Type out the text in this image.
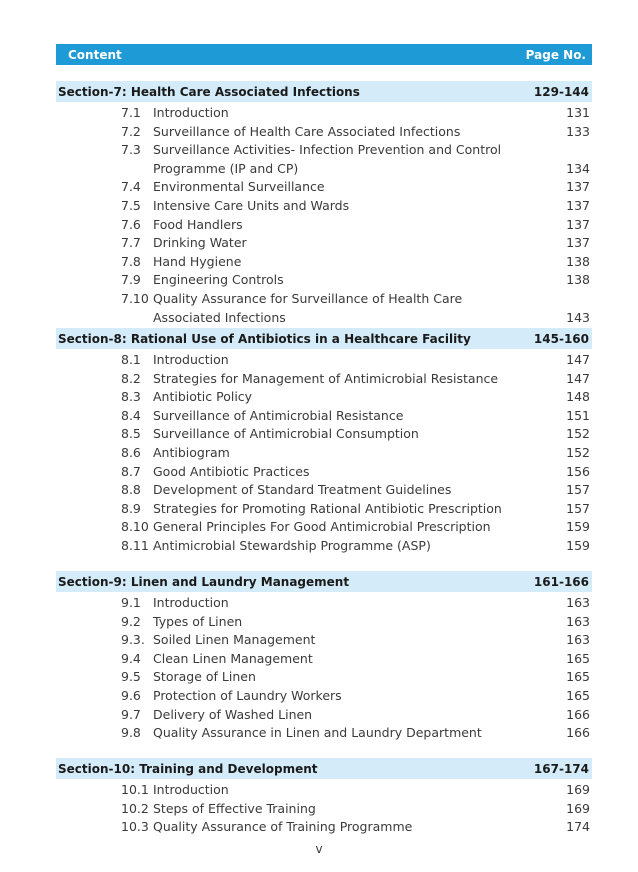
Content	Page No.
Section-7: Health Care Associated Infections	129-144
7.1 Introduction	131
7.2 Surveillance of Health Care Associated Infections	133
7.3 Surveillance Activities- Infection Prevention and Control
Programme (IP and CP)	134
7.4 Environmental Surveillance	137
7.5 Intensive Care Units and Wards	137
7.6 Food Handlers	137
7.7 Drinking Water	137
7.8 Hand Hygiene	138
7.9 Engineering Controls	138
7.10 Quality Assurance for Surveillance of Health Care Associated Infections	143
Section-8: Rational Use of Antibiotics in a Healthcare Facility	145-160
8.1 Introduction	147
8.2 Strategies for Management of Antimicrobial Resistance	147
8.3 Antibiotic Policy	148
8.4 Surveillance of Antimicrobial Resistance	151
8.5 Surveillance of Antimicrobial Consumption	152
8.6 Antibiogram	152
8.7 Good Antibiotic Practices	156
8.8 Development of Standard Treatment Guidelines	157
8.9 Strategies for Promoting Rational Antibiotic Prescription	157
8.10 General Principles For Good Antimicrobial Prescription	159
8.11 Antimicrobial Stewardship Programme (ASP)	159
Section-9: Linen and Laundry Management	161-166
9.1 Introduction	163
9.2 Types of Linen	163
9.3. Soiled Linen Management	163
9.4 Clean Linen Management	165
9.5 Storage of Linen	165
9.6 Protection of Laundry Workers	165
9.7 Delivery of Washed Linen	166
9.8 Quality Assurance in Linen and Laundry Department	166
Section-10: Training and Development	167-174
10.1 Introduction	169
10.2 Steps of Effective Training	169
10.3 Quality Assurance of Training Programme	174
v
